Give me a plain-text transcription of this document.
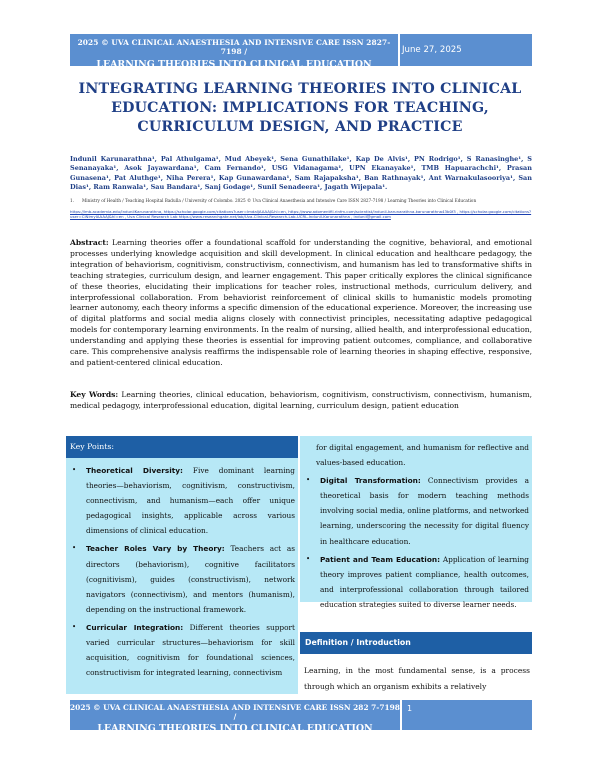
2025 © UVA CLINICAL ANAESTHESIA AND INTENSIVE CARE ISSN 2827-7198 /
LEARNING THEORIES INTO CLINICAL EDUCATION
June 27, 2025
INTEGRATING LEARNING THEORIES INTO CLINICAL EDUCATION: IMPLICATIONS FOR TEACHING, CURRICULUM DESIGN, AND PRACTICE
Indunil Karunarathna¹, Pal Athulgama¹, Mud Abeyek¹, Sena Gunathilake¹, Kap De Alvis¹, PN Rodrigo¹, S Ranasinghe¹, S Senanayaka¹, Asok Jayawardana¹, Cam Fernando¹, USG Vidanagama¹, UPN Ekanayake¹, TMB Hapuarachchi¹, Prasan Gunasena¹, Pat Aluthge¹, Niha Perera¹, Kap Gunawardana¹, Sam Rajapaksha¹, Ban Rathnayak¹, Ant Warnakulasooriya¹, San Dias¹, Ram Ranwala¹, Sau Bandara¹, Sanj Godage¹, Sunil Senadeera¹, Jagath Wijepala¹.
1. Ministry of Health / Teaching Hospital Badulla / University of Colombo. 2025 © Uva Clinical Anaesthesia and Intensive Care ISSN 2827-7198 / Learning Theories into Clinical Education
https://lmb.academia.edu/IndunilKarunarathna, https://scholar.google.com/citations?user=lmdaljAAAAJ&hl=en, https://www.adomentfil.rinfm.com/scientist/indunil-karunarathna-karunarathna43b0f3 , https://scholar.google.com/citations?user=CiNlmyIAAAAJ&hl=en , Uva Clinical Research Lab https://www.researchgate.net/lab/Uva-Clinical-Research-Lab-UCRL-Indunil-Karunarathna , indunil@gmail.com
Abstract: Learning theories offer a foundational scaffold for understanding the cognitive, behavioral, and emotional processes underlying knowledge acquisition and skill development. In clinical education and healthcare pedagogy, the integration of behaviorism, cognitivism, constructivism, connectivism, and humanism has led to transformative shifts in teaching strategies, curriculum design, and learner engagement. This paper critically explores the clinical significance of these theories, elucidating their implications for teacher roles, instructional methods, curriculum delivery, and interprofessional collaboration. From behaviorist reinforcement of clinical skills to humanistic models promoting learner autonomy, each theory informs a specific dimension of the educational experience. Moreover, the increasing use of digital platforms and social media aligns closely with connectivist principles, necessitating adaptive pedagogical models for contemporary learning environments. In the realm of nursing, allied health, and interprofessional education, understanding and applying these theories is essential for improving patient outcomes, compliance, and collaborative care. This comprehensive analysis reaffirms the indispensable role of learning theories in shaping effective, responsive, and patient-centered clinical education.
Key Words: Learning theories, clinical education, behaviorism, cognitivism, constructivism, connectivism, humanism, medical pedagogy, interprofessional education, digital learning, curriculum design, patient education
Key Points:
• Theoretical Diversity: Five dominant learning theories—behaviorism, cognitivism, constructivism, connectivism, and humanism—each offer unique pedagogical insights, applicable across various dimensions of clinical education.
• Teacher Roles Vary by Theory: Teachers act as directors (behaviorism), cognitive facilitators (cognitivism), guides (constructivism), network navigators (connectivism), and mentors (humanism), depending on the instructional framework.
• Curricular Integration: Different theories support varied curricular structures—behaviorism for skill acquisition, cognitivism for foundational sciences, constructivism for integrated learning, connectivism
for digital engagement, and humanism for reflective and values-based education.
• Digital Transformation: Connectivism provides a theoretical basis for modern teaching methods involving social media, online platforms, and networked learning, underscoring the necessity for digital fluency in healthcare education.
• Patient and Team Education: Application of learning theory improves patient compliance, health outcomes, and interprofessional collaboration through tailored education strategies suited to diverse learner needs.
Definition / Introduction
Learning, in the most fundamental sense, is a process through which an organism exhibits a relatively
2025 © UVA CLINICAL ANAESTHESIA AND INTENSIVE CARE ISSN 282 7-7198 /
LEARNING THEORIES INTO CLINICAL EDUCATION
1
